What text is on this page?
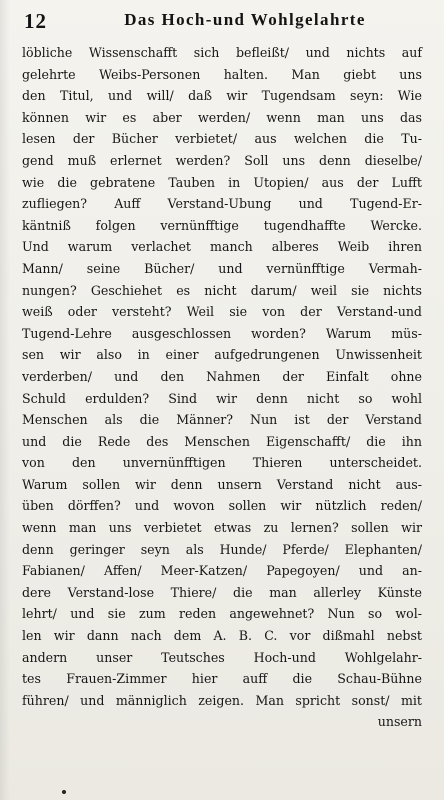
12	Das Hoch-und Wohlgelahrte
löbliche Wissenschafft sich befleißt/ und nichts auf
gelehrte Weibs-Personen halten. Man giebt uns
den Titul, und will/ daß wir Tugendsam seyn: Wie
können wir es aber werden/ wenn man uns das
lesen der Bücher verbietet/ aus welchen die Tu-
gend muß erlernet werden? Soll uns denn dieselbe/
wie die gebratene Tauben in Utopien/ aus der Lufft
zufliegen? Auff Verstand-Ubung und Tugend-Er-
käntniß folgen vernünfftige tugendhaffte Wercke.
Und warum verlachet manch alberes Weib ihren
Mann/ seine Bücher/ und vernünfftige Vermah-
nungen? Geschiehet es nicht darum/ weil sie nichts
weiß oder versteht? Weil sie von der Verstand-und
Tugend-Lehre ausgeschlossen worden? Warum müs-
sen wir also in einer aufgedrungenen Unwissenheit
verderben/ und den Nahmen der Einfalt ohne
Schuld erdulden? Sind wir denn nicht so wohl
Menschen als die Männer? Nun ist der Verstand
und die Rede des Menschen Eigenschafft/ die ihn
von den unvernünfftigen Thieren unterscheidet.
Warum sollen wir denn unsern Verstand nicht aus-
üben dörffen? und wovon sollen wir nützlich reden/
wenn man uns verbietet etwas zu lernen? sollen wir
denn geringer seyn als Hunde/ Pferde/ Elephanten/
Fabianen/ Affen/ Meer-Katzen/ Papegoyen/ und an-
dere Verstand-lose Thiere/ die man allerley Künste
lehrt/ und sie zum reden angewehnet? Nun so wol-
len wir dann nach dem A. B. C. vor dißmahl nebst
andern unser Teutsches Hoch-und Wohlgelahr-
tes Frauen-Zimmer hier auff die Schau-Bühne
führen/ und männiglich zeigen. Man spricht sonst/ mit
unsern
